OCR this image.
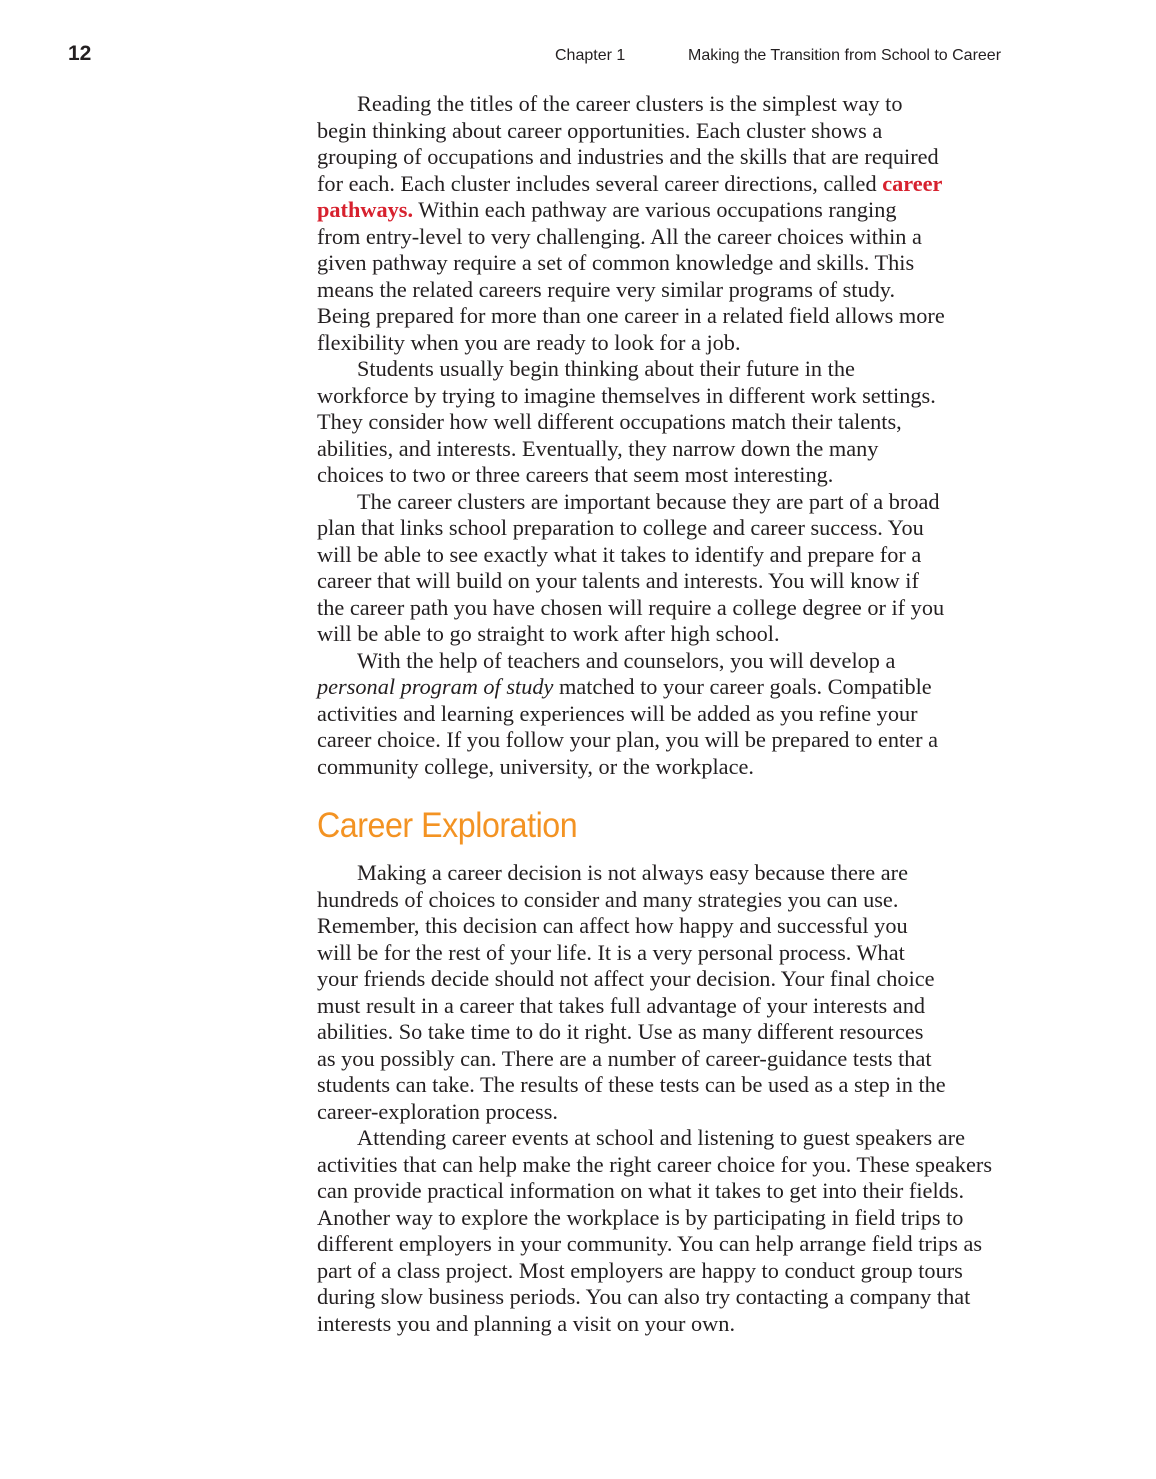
12	Chapter 1	Making the Transition from School to Career
Reading the titles of the career clusters is the simplest way to
begin thinking about career opportunities. Each cluster shows a
grouping of occupations and industries and the skills that are required
for each. Each cluster includes several career directions, called career
pathways. Within each pathway are various occupations ranging
from entry-level to very challenging. All the career choices within a
given pathway require a set of common knowledge and skills. This
means the related careers require very similar programs of study.
Being prepared for more than one career in a related field allows more
flexibility when you are ready to look for a job.
Students usually begin thinking about their future in the
workforce by trying to imagine themselves in different work settings.
They consider how well different occupations match their talents,
abilities, and interests. Eventually, they narrow down the many
choices to two or three careers that seem most interesting.
The career clusters are important because they are part of a broad
plan that links school preparation to college and career success. You
will be able to see exactly what it takes to identify and prepare for a
career that will build on your talents and interests. You will know if
the career path you have chosen will require a college degree or if you
will be able to go straight to work after high school.
With the help of teachers and counselors, you will develop a
personal program of study matched to your career goals. Compatible
activities and learning experiences will be added as you refine your
career choice. If you follow your plan, you will be prepared to enter a
community college, university, or the workplace.
Career Exploration
Making a career decision is not always easy because there are
hundreds of choices to consider and many strategies you can use.
Remember, this decision can affect how happy and successful you
will be for the rest of your life. It is a very personal process. What
your friends decide should not affect your decision. Your final choice
must result in a career that takes full advantage of your interests and
abilities. So take time to do it right. Use as many different resources
as you possibly can. There are a number of career-guidance tests that
students can take. The results of these tests can be used as a step in the
career-exploration process.
Attending career events at school and listening to guest speakers are
activities that can help make the right career choice for you. These speakers
can provide practical information on what it takes to get into their fields.
Another way to explore the workplace is by participating in field trips to
different employers in your community. You can help arrange field trips as
part of a class project. Most employers are happy to conduct group tours
during slow business periods. You can also try contacting a company that
interests you and planning a visit on your own.
